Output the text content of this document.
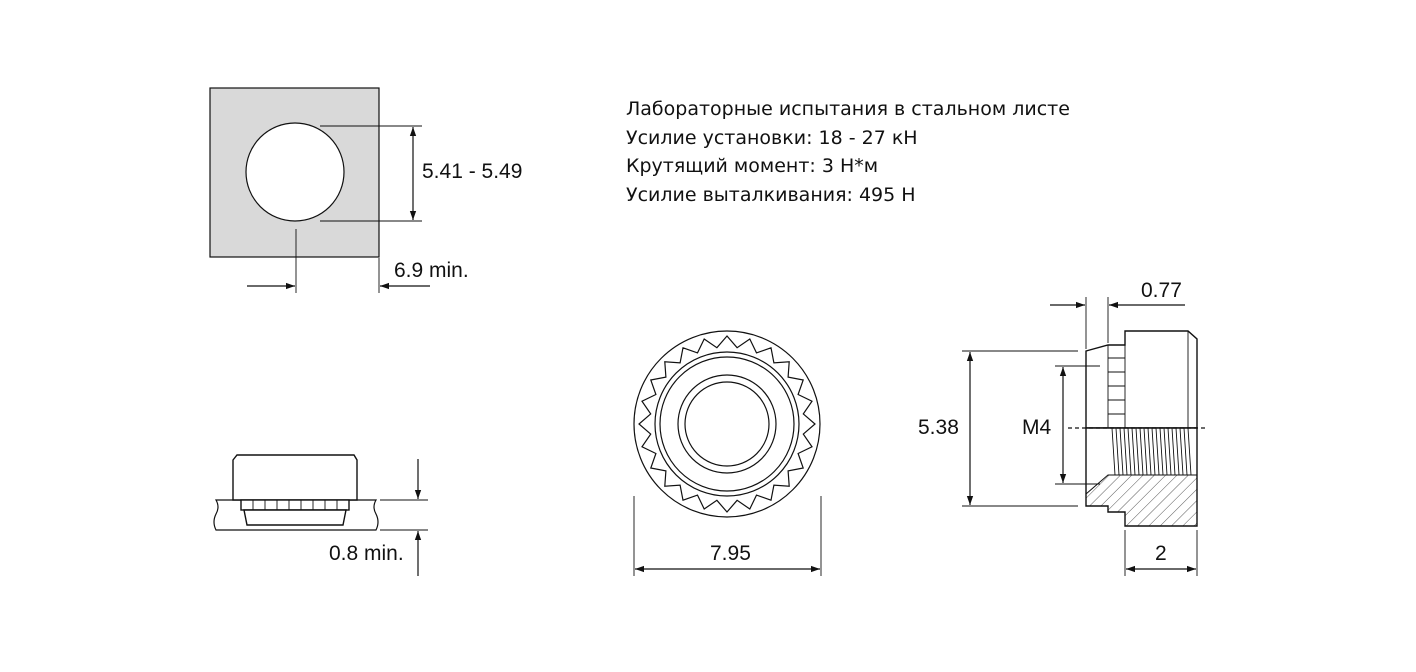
5.41 - 5.49
6.9 min.
0.8 min.	7.95
5.38	M4
0.77
2
Лабораторные испытания в стальном листе
Усилие установки: 18 - 27 кН
Крутящий момент: 3 Н*м
Усилие выталкивания: 495 Н
